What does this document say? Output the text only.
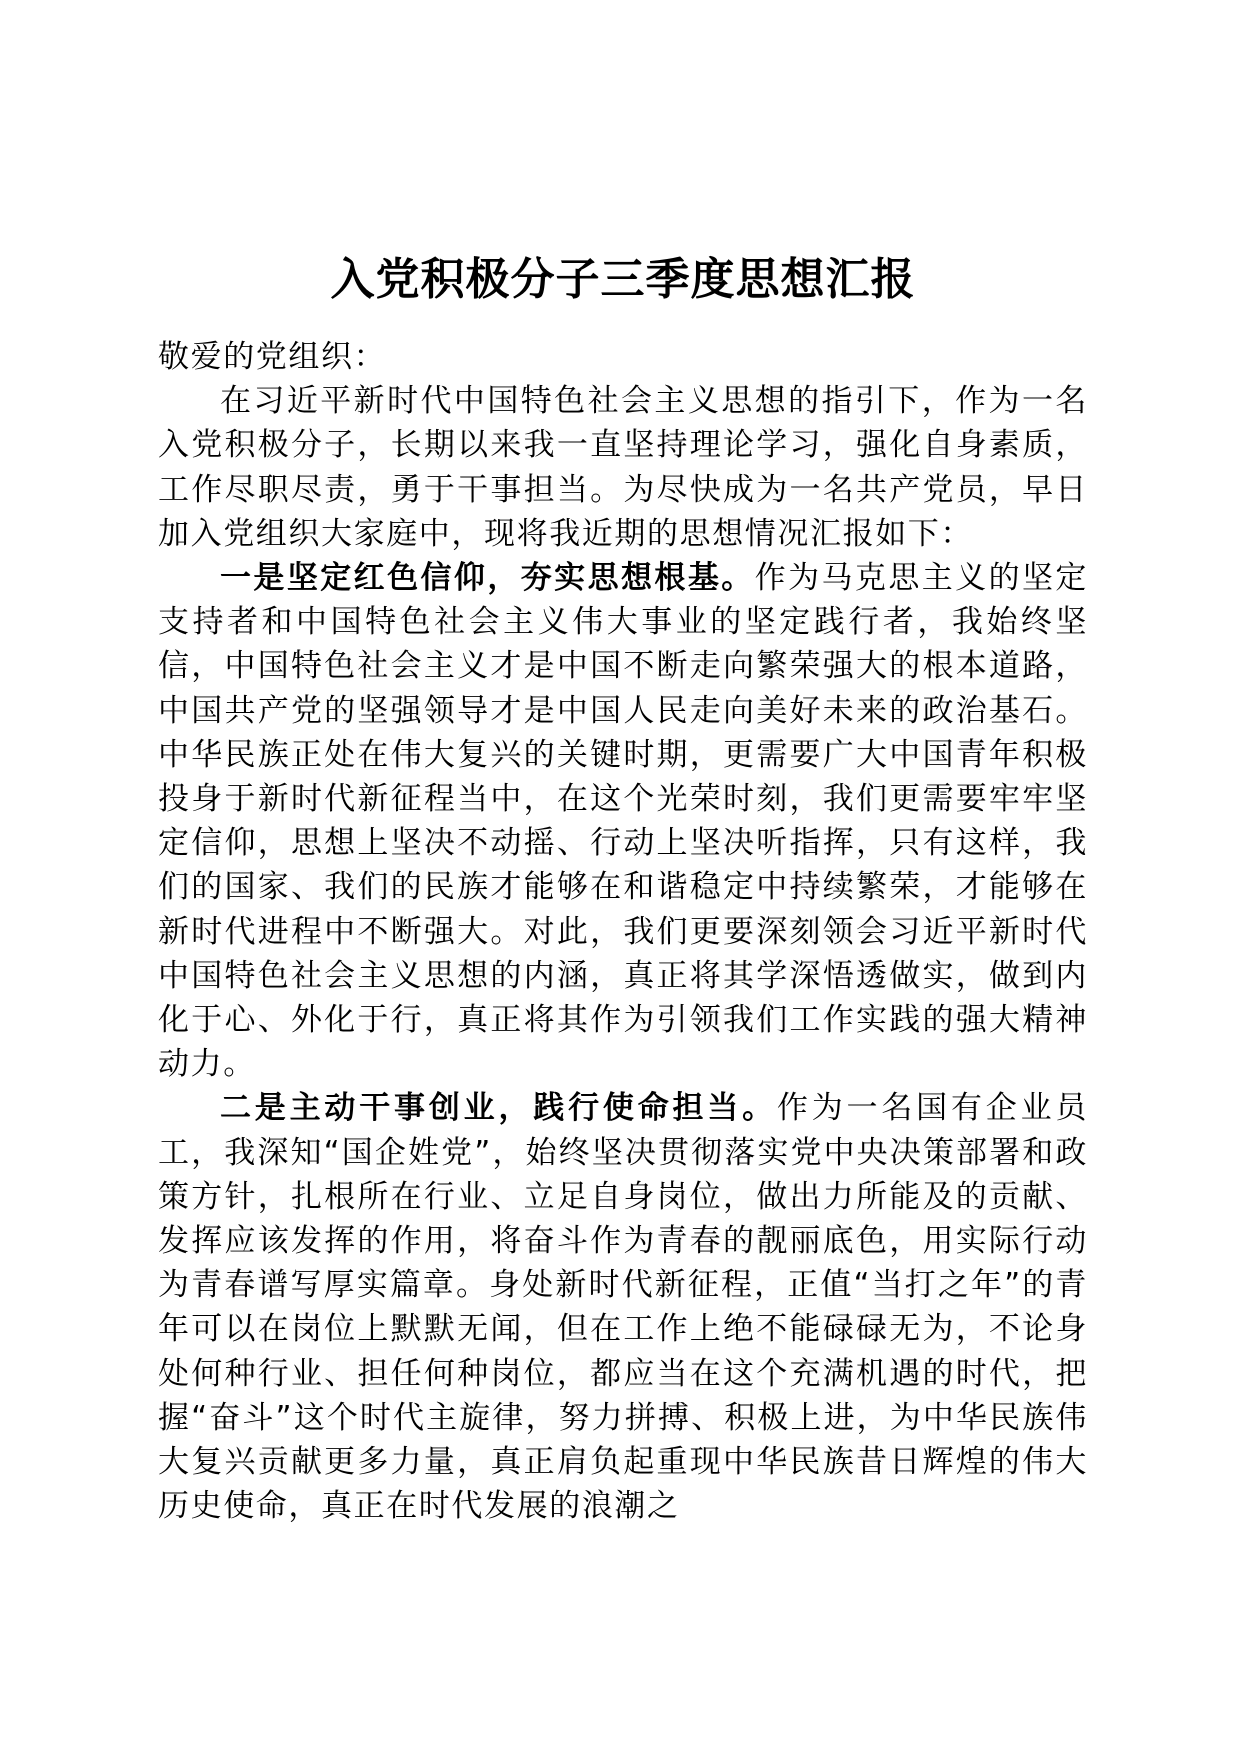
入党积极分子三季度思想汇报

敬爱的党组织：

在习近平新时代中国特色社会主义思想的指引下，作为一名入党积极分子，长期以来我一直坚持理论学习，强化自身素质，工作尽职尽责，勇于干事担当。为尽快成为一名共产党员，早日加入党组织大家庭中，现将我近期的思想情况汇报如下：

一是坚定红色信仰，夯实思想根基。作为马克思主义的坚定支持者和中国特色社会主义伟大事业的坚定践行者，我始终坚信，中国特色社会主义才是中国不断走向繁荣强大的根本道路，中国共产党的坚强领导才是中国人民走向美好未来的政治基石。中华民族正处在伟大复兴的关键时期，更需要广大中国青年积极投身于新时代新征程当中，在这个光荣时刻，我们更需要牢牢坚定信仰，思想上坚决不动摇、行动上坚决听指挥，只有这样，我们的国家、我们的民族才能够在和谐稳定中持续繁荣，才能够在新时代进程中不断强大。对此，我们更要深刻领会习近平新时代中国特色社会主义思想的内涵，真正将其学深悟透做实，做到内化于心、外化于行，真正将其作为引领我们工作实践的强大精神动力。

二是主动干事创业，践行使命担当。作为一名国有企业员工，我深知“国企姓党”，始终坚决贯彻落实党中央决策部署和政策方针，扎根所在行业、立足自身岗位，做出力所能及的贡献、发挥应该发挥的作用，将奋斗作为青春的靓丽底色，用实际行动为青春谱写厚实篇章。身处新时代新征程，正值“当打之年”的青年可以在岗位上默默无闻，但在工作上绝不能碌碌无为，不论身处何种行业、担任何种岗位，都应当在这个充满机遇的时代，把握“奋斗”这个时代主旋律，努力拼搏、积极上进，为中华民族伟大复兴贡献更多力量，真正肩负起重现中华民族昔日辉煌的伟大历史使命，真正在时代发展的浪潮之
